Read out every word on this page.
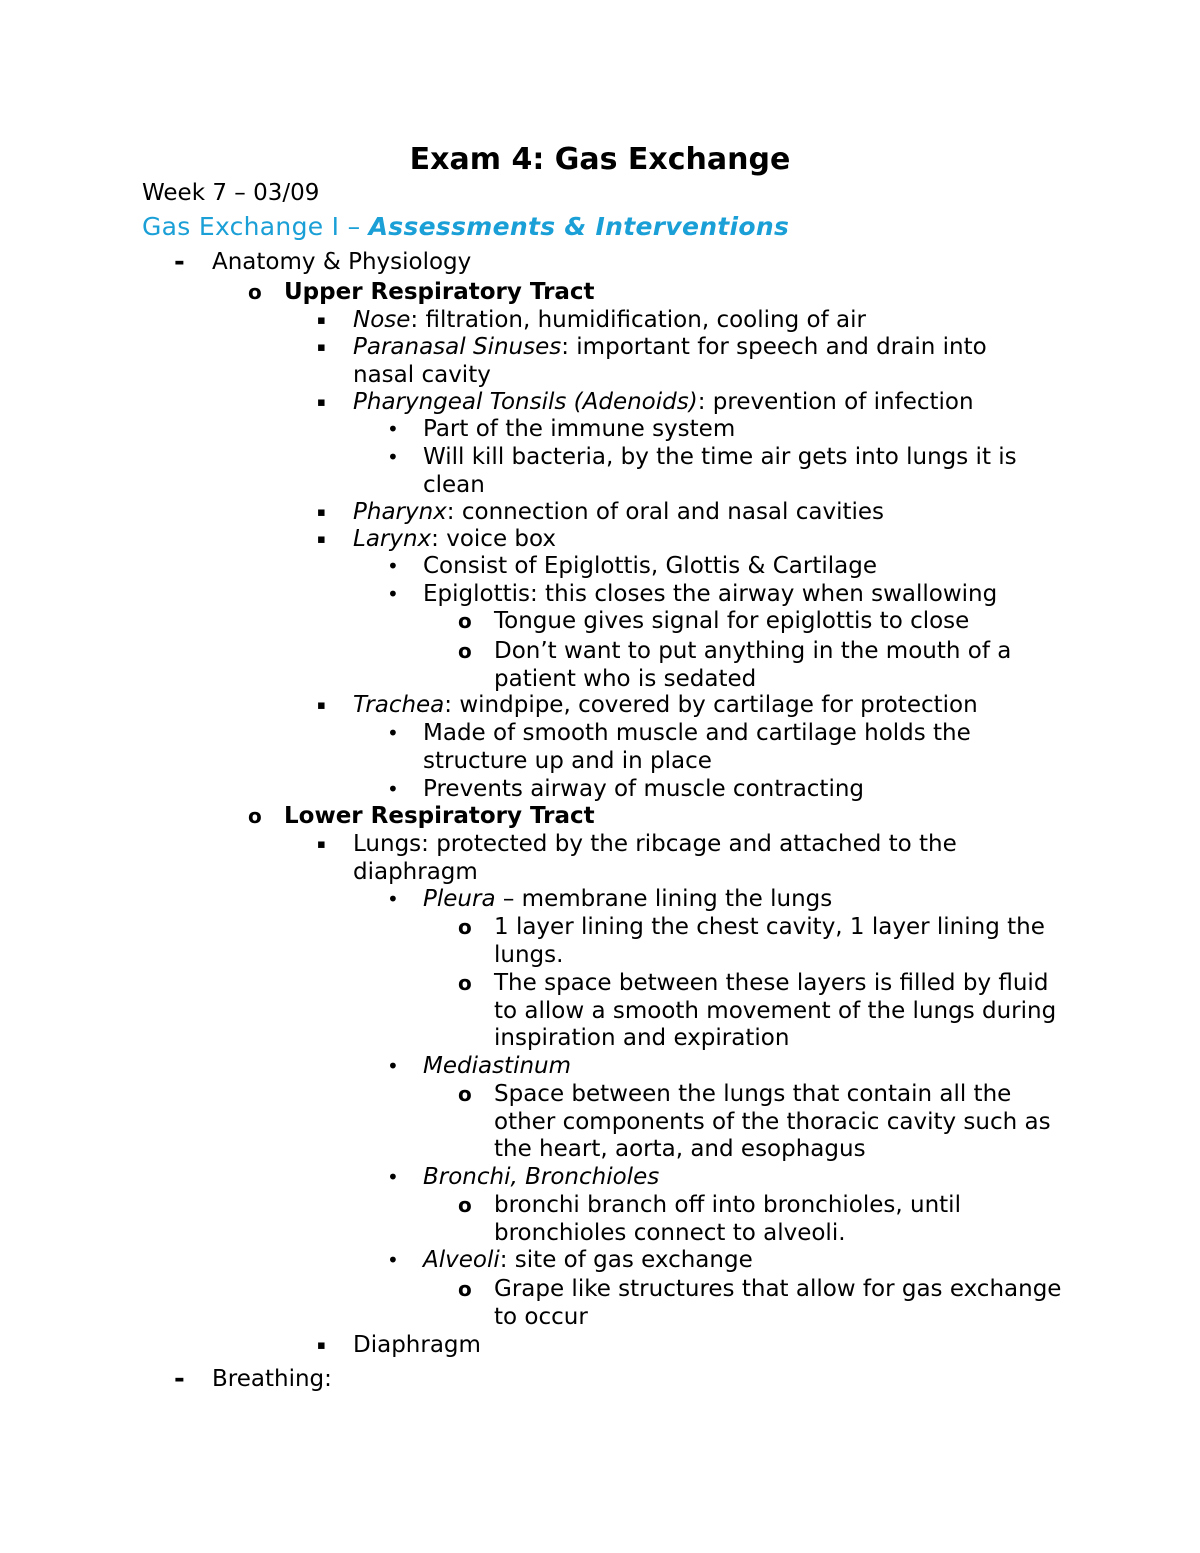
Exam 4: Gas Exchange
Week 7 – 03/09
Gas Exchange I – Assessments & Interventions
-	Anatomy & Physiology
o Upper Respiratory Tract
▪	Nose: filtration, humidification, cooling of air
▪	Paranasal Sinuses: important for speech and drain into nasal cavity
▪	Pharyngeal Tonsils (Adenoids): prevention of infection
•	Part of the immune system
•	Will kill bacteria, by the time air gets into lungs it is clean
▪	Pharynx: connection of oral and nasal cavities
▪	Larynx: voice box
•	Consist of Epiglottis, Glottis & Cartilage
•	Epiglottis: this closes the airway when swallowing
o Tongue gives signal for epiglottis to close
o Don’t want to put anything in the mouth of a patient who is sedated
▪	Trachea: windpipe, covered by cartilage for protection
•	Made of smooth muscle and cartilage holds the structure up and in place
•	Prevents airway of muscle contracting
o Lower Respiratory Tract
▪	Lungs: protected by the ribcage and attached to the diaphragm
•	Pleura – membrane lining the lungs
o 1 layer lining the chest cavity, 1 layer lining the lungs.
o The space between these layers is filled by fluid to allow a smooth movement of the lungs during inspiration and expiration
•	Mediastinum
o Space between the lungs that contain all the other components of the thoracic cavity such as the heart, aorta, and esophagus
•	Bronchi, Bronchioles
o bronchi branch off into bronchioles, until bronchioles connect to alveoli.
•	Alveoli: site of gas exchange
o Grape like structures that allow for gas exchange to occur
▪	Diaphragm
-	Breathing:
